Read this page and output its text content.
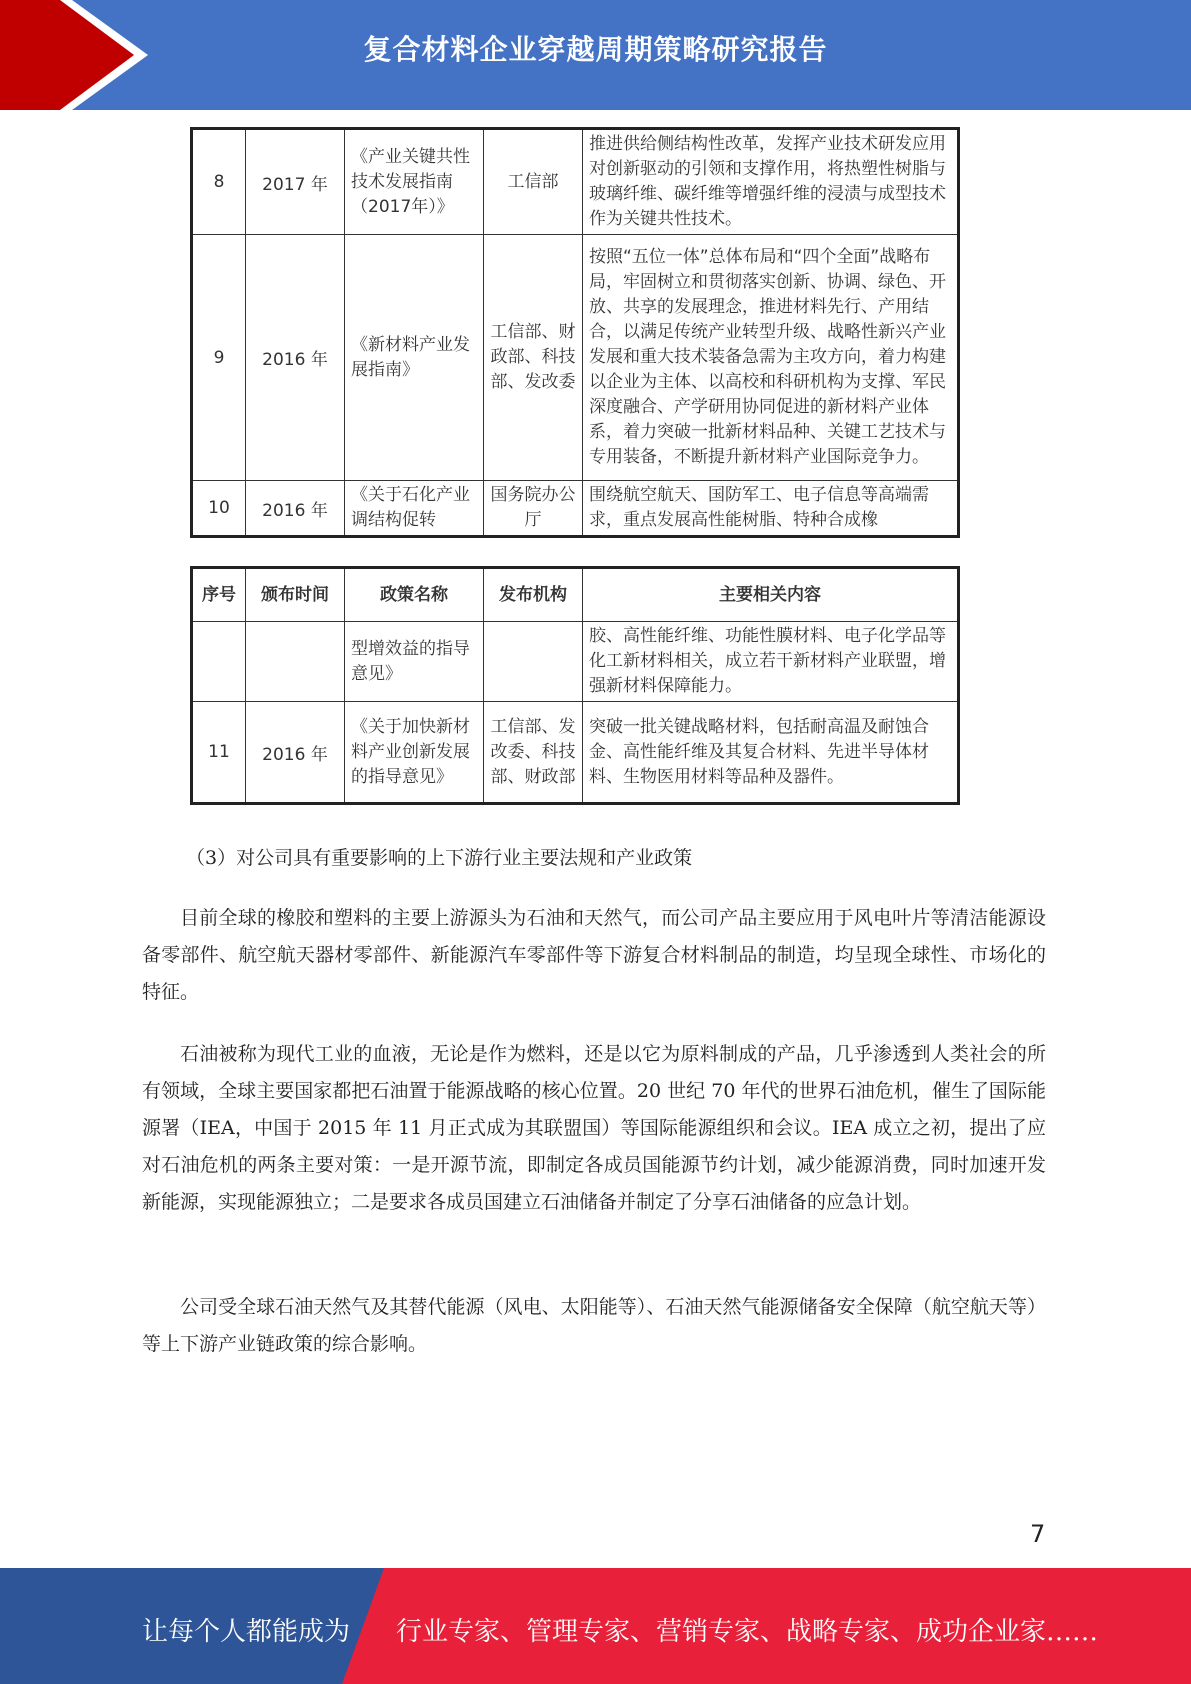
复合材料企业穿越周期策略研究报告
8	2017 年	《产业关键共性技术发展指南（2017年）》	工信部	推进供给侧结构性改革，发挥产业技术研发应用对创新驱动的引领和支撑作用，将热塑性树脂与玻璃纤维、碳纤维等增强纤维的浸渍与成型技术作为关键共性技术。
9	2016 年	《新材料产业发展指南》	工信部、财政部、科技部、发改委	按照“五位一体”总体布局和“四个全面”战略布局，牢固树立和贯彻落实创新、协调、绿色、开放、共享的发展理念，推进材料先行、产用结合，以满足传统产业转型升级、战略性新兴产业发展和重大技术装备急需为主攻方向，着力构建以企业为主体、以高校和科研机构为支撑、军民深度融合、产学研用协同促进的新材料产业体系，着力突破一批新材料品种、关键工艺技术与专用装备，不断提升新材料产业国际竞争力。
10	2016 年	《关于石化产业调结构促转	国务院办公厅	围绕航空航天、国防军工、电子信息等高端需求，重点发展高性能树脂、特种合成橡
序号	颁布时间	政策名称	发布机构	主要相关内容
		型增效益的指导意见》		胶、高性能纤维、功能性膜材料、电子化学品等化工新材料相关，成立若干新材料产业联盟，增强新材料保障能力。
11	2016 年	《关于加快新材料产业创新发展的指导意见》	工信部、发改委、科技部、财政部	突破一批关键战略材料，包括耐高温及耐蚀合金、高性能纤维及其复合材料、先进半导体材料、生物医用材料等品种及器件。
（3）对公司具有重要影响的上下游行业主要法规和产业政策
目前全球的橡胶和塑料的主要上游源头为石油和天然气，而公司产品主要应用于风电叶片等清洁能源设备零部件、航空航天器材零部件、新能源汽车零部件等下游复合材料制品的制造，均呈现全球性、市场化的特征。
石油被称为现代工业的血液，无论是作为燃料，还是以它为原料制成的产品，几乎渗透到人类社会的所有领域，全球主要国家都把石油置于能源战略的核心位置。20 世纪 70 年代的世界石油危机，催生了国际能源署（IEA，中国于 2015 年 11 月正式成为其联盟国）等国际能源组织和会议。IEA 成立之初，提出了应对石油危机的两条主要对策：一是开源节流，即制定各成员国能源节约计划，减少能源消费，同时加速开发新能源，实现能源独立；二是要求各成员国建立石油储备并制定了分享石油储备的应急计划。
公司受全球石油天然气及其替代能源（风电、太阳能等）、石油天然气能源储备安全保障（航空航天等）等上下游产业链政策的综合影响。
7
让每个人都能成为 行业专家、管理专家、营销专家、战略专家、成功企业家……
